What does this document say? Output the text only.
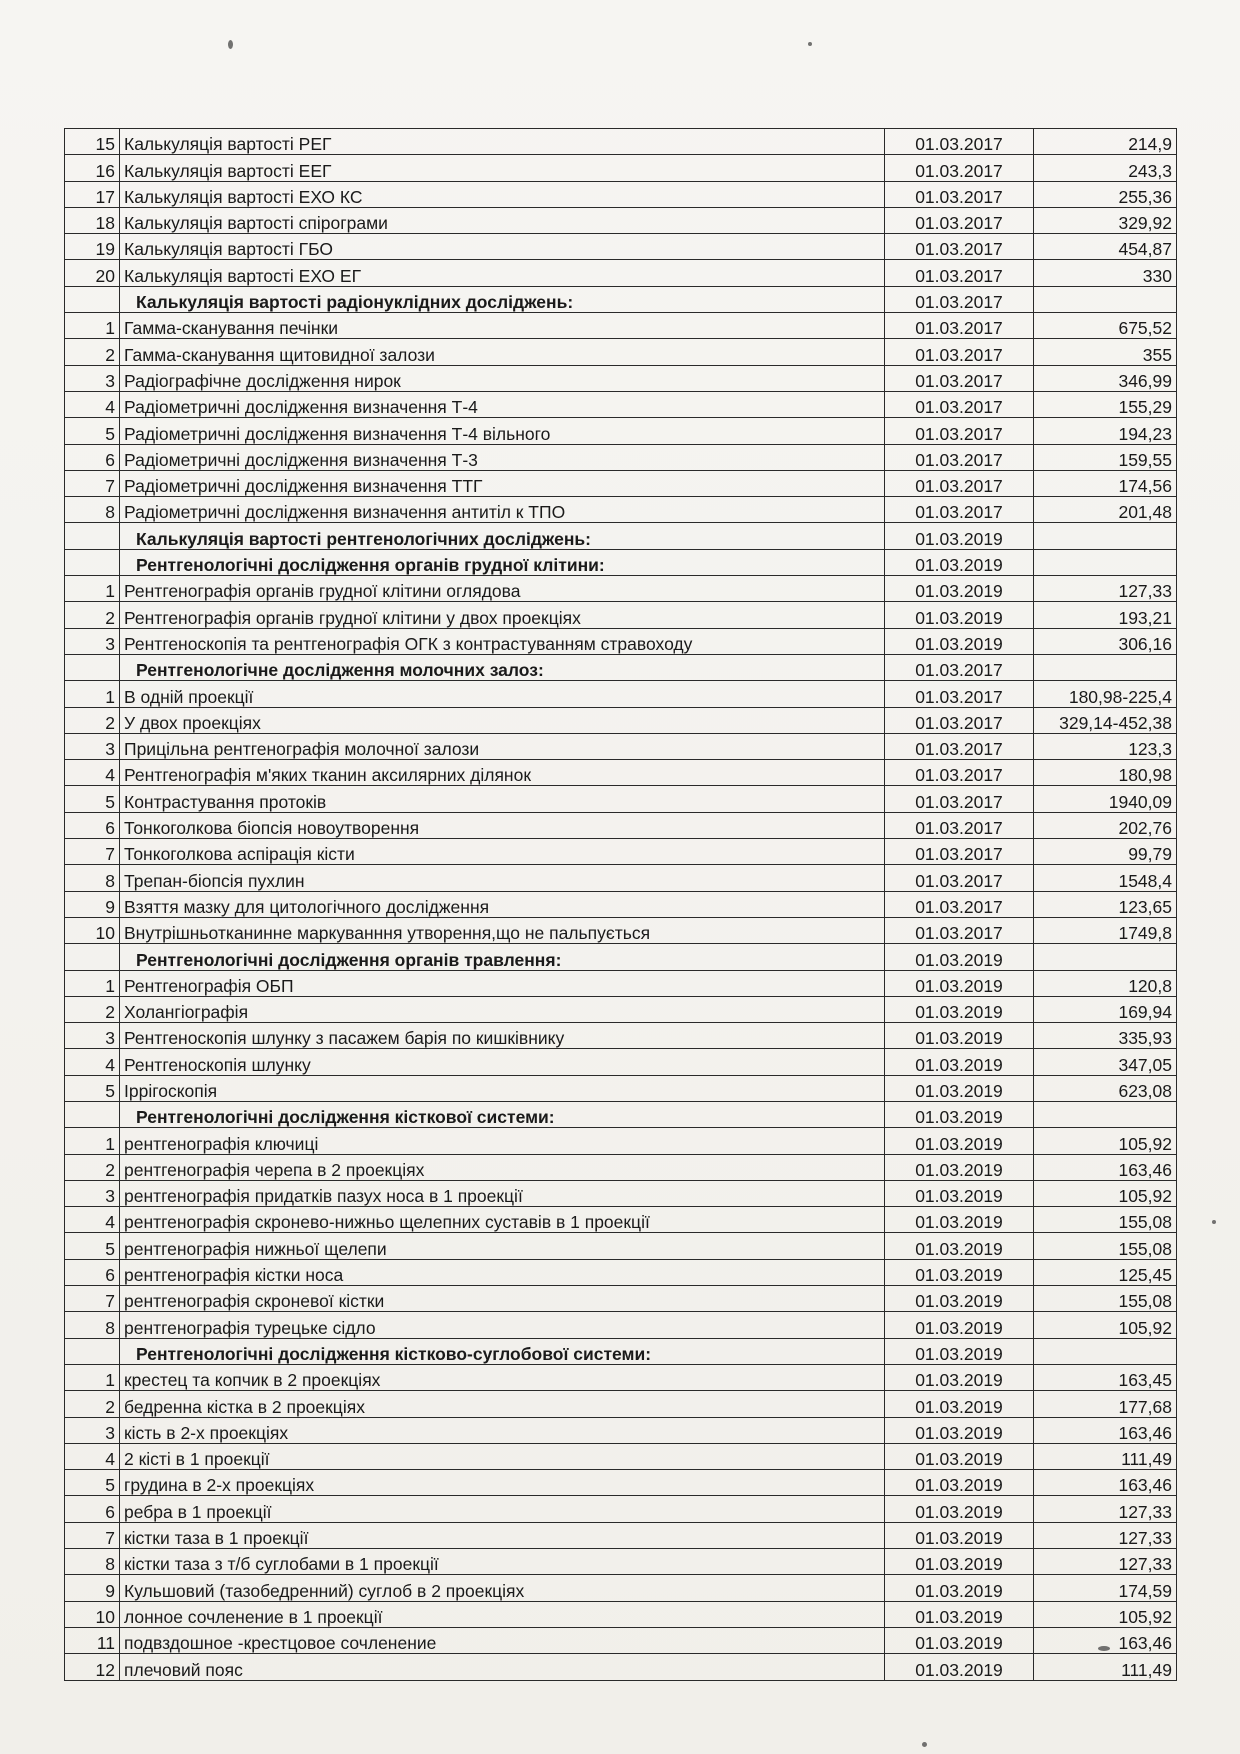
15	Калькуляція вартості РЕГ	01.03.2017	214,9
16	Калькуляція вартості ЕЕГ	01.03.2017	243,3
17	Калькуляція вартості ЕХО КС	01.03.2017	255,36
18	Калькуляція вартості спірограми	01.03.2017	329,92
19	Калькуляція вартості ГБО	01.03.2017	454,87
20	Калькуляція вартості ЕХО ЕГ	01.03.2017	330
	Калькуляція вартості радіонуклідних досліджень:	01.03.2017	
1	Гамма-сканування печінки	01.03.2017	675,52
2	Гамма-сканування щитовидної залози	01.03.2017	355
3	Радіографічне дослідження нирок	01.03.2017	346,99
4	Радіометричні дослідження визначення Т-4	01.03.2017	155,29
5	Радіометричні дослідження визначення Т-4 вільного	01.03.2017	194,23
6	Радіометричні дослідження визначення Т-3	01.03.2017	159,55
7	Радіометричні дослідження визначення ТТГ	01.03.2017	174,56
8	Радіометричні дослідження визначення антитіл к ТПО	01.03.2017	201,48
	Калькуляція вартості рентгенологічних досліджень:	01.03.2019	
	Рентгенологічні дослідження органів грудної клітини:	01.03.2019	
1	Рентгенографія органів грудної клітини оглядова	01.03.2019	127,33
2	Рентгенографія органів грудної клітини у двох проекціях	01.03.2019	193,21
3	Рентгеноскопія та рентгенографія ОГК з контрастуванням стравоходу	01.03.2019	306,16
	Рентгенологічне дослідження молочних залоз:	01.03.2017	
1	В одній проекції	01.03.2017	180,98-225,4
2	У двох проекціях	01.03.2017	329,14-452,38
3	Прицільна рентгенографія молочної залози	01.03.2017	123,3
4	Рентгенографія м'яких тканин аксилярних ділянок	01.03.2017	180,98
5	Контрастування протоків	01.03.2017	1940,09
6	Тонкоголкова біопсія новоутворення	01.03.2017	202,76
7	Тонкоголкова аспірація кісти	01.03.2017	99,79
8	Трепан-біопсія пухлин	01.03.2017	1548,4
9	Взяття мазку для цитологічного дослідження	01.03.2017	123,65
10	Внутрішньотканинне маркуванння утворення,що не пальпується	01.03.2017	1749,8
	Рентгенологічні дослідження органів травлення:	01.03.2019	
1	Рентгенографія ОБП	01.03.2019	120,8
2	Холангіографія	01.03.2019	169,94
3	Рентгеноскопія шлунку з пасажем барія по кишківнику	01.03.2019	335,93
4	Рентгеноскопія шлунку	01.03.2019	347,05
5	Іррігоскопія	01.03.2019	623,08
	Рентгенологічні дослідження кісткової системи:	01.03.2019	
1	рентгенографія ключиці	01.03.2019	105,92
2	рентгенографія черепа в 2 проекціях	01.03.2019	163,46
3	рентгенографія придатків пазух носа в 1 проекції	01.03.2019	105,92
4	рентгенографія скронево-нижньо щелепних суставів в 1 проекції	01.03.2019	155,08
5	рентгенографія нижньої щелепи	01.03.2019	155,08
6	рентгенографія кістки носа	01.03.2019	125,45
7	рентгенографія скроневої кістки	01.03.2019	155,08
8	рентгенографія турецьке сідло	01.03.2019	105,92
	Рентгенологічні дослідження кістково-суглобової системи:	01.03.2019	
1	крестец та копчик в 2 проекціях	01.03.2019	163,45
2	бедренна кістка в 2 проекціях	01.03.2019	177,68
3	кість в 2-х проекціях	01.03.2019	163,46
4	2 кісті в 1 проекції	01.03.2019	111,49
5	грудина в 2-х проекціях	01.03.2019	163,46
6	ребра в 1 проекції	01.03.2019	127,33
7	кістки таза в 1 проекції	01.03.2019	127,33
8	кістки таза з т/б суглобами в 1 проекції	01.03.2019	127,33
9	Кульшовий (тазобедренний) суглоб в 2 проекціях	01.03.2019	174,59
10	лонное сочленение в 1 проекції	01.03.2019	105,92
11	подвздошное -крестцовое сочленение	01.03.2019	163,46
12	плечовий пояс	01.03.2019	111,49
